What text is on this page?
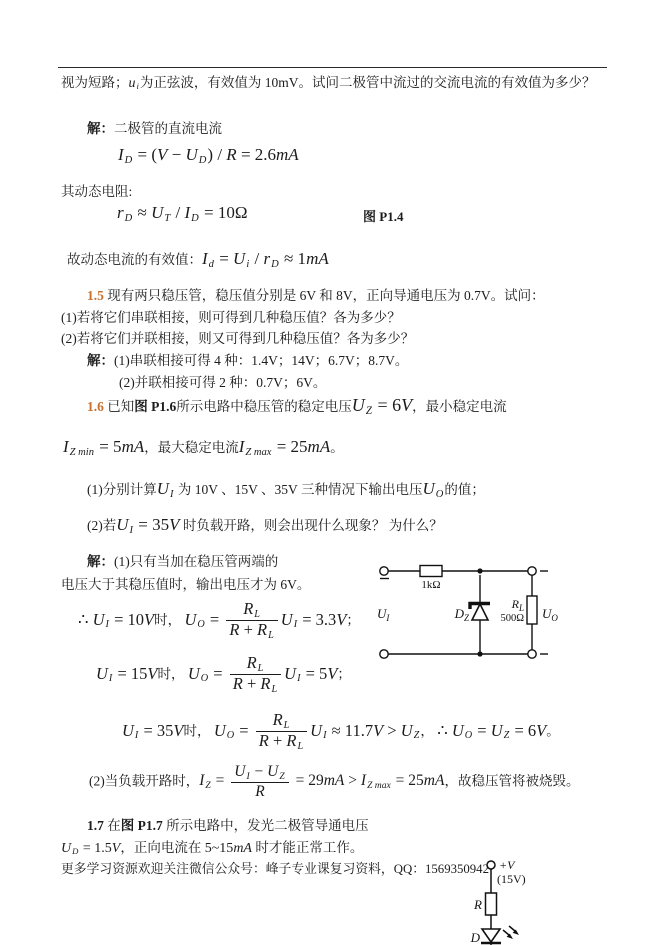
视为短路；ui为正弦波，有效值为 10mV。试问二极管中流过的交流电流的有效值为多少？
解：二极管的直流电流
ID = (V − UD) / R = 2.6mA
其动态电阻:
rD ≈ UT / ID = 10Ω	图 P1.4
故动态电流的有效值：Id = Ui / rD ≈ 1mA
1.5 现有两只稳压管，稳压值分别是 6V 和 8V，正向导通电压为 0.7V。试问：
(1)若将它们串联相接，则可得到几种稳压值？各为多少？
(2)若将它们并联相接，则又可得到几种稳压值？各为多少？
解：(1)串联相接可得 4 种：1.4V；14V；6.7V；8.7V。
(2)并联相接可得 2 种：0.7V；6V。
1.6 已知图 P1.6所示电路中稳压管的稳定电压UZ = 6V，最小稳定电流
IZ min = 5mA，最大稳定电流IZ max = 25mA。
(1)分别计算UI 为 10V 、15V 、35V 三种情况下输出电压UO的值；
(2)若UI = 35V 时负载开路，则会出现什么现象？ 为什么？
解：(1)只有当加在稳压管两端的
电压大于其稳压值时，输出电压才为 6V。
∴ UI = 10V时， UO = $\frac{RL}{R + RL}$ UI = 3.3V；
UI = 15V时， UO = $\frac{RL}{R + RL}$ UI = 5V；
UI = 35V时， UO = $\frac{RL}{R + RL}$ UI ≈ 11.7V > UZ， ∴ UO = UZ = 6V。
(2)当负载开路时，IZ = $\frac{UI - UZ}{R} = 29mA$ > IZ max = 25mA，故稳压管将被烧毁。
1.7 在图 P1.7 所示电路中，发光二极管导通电压
UD = 1.5V，正向电流在 5~15mA 时才能正常工作。
更多学习资源欢迎关注微信公众号：峰子专业课复习资料，QQ：1569350942
1kΩ
$U_I$	$D_Z$
$R_L$
500Ω $U_O$
+V
(15V)
R
D
